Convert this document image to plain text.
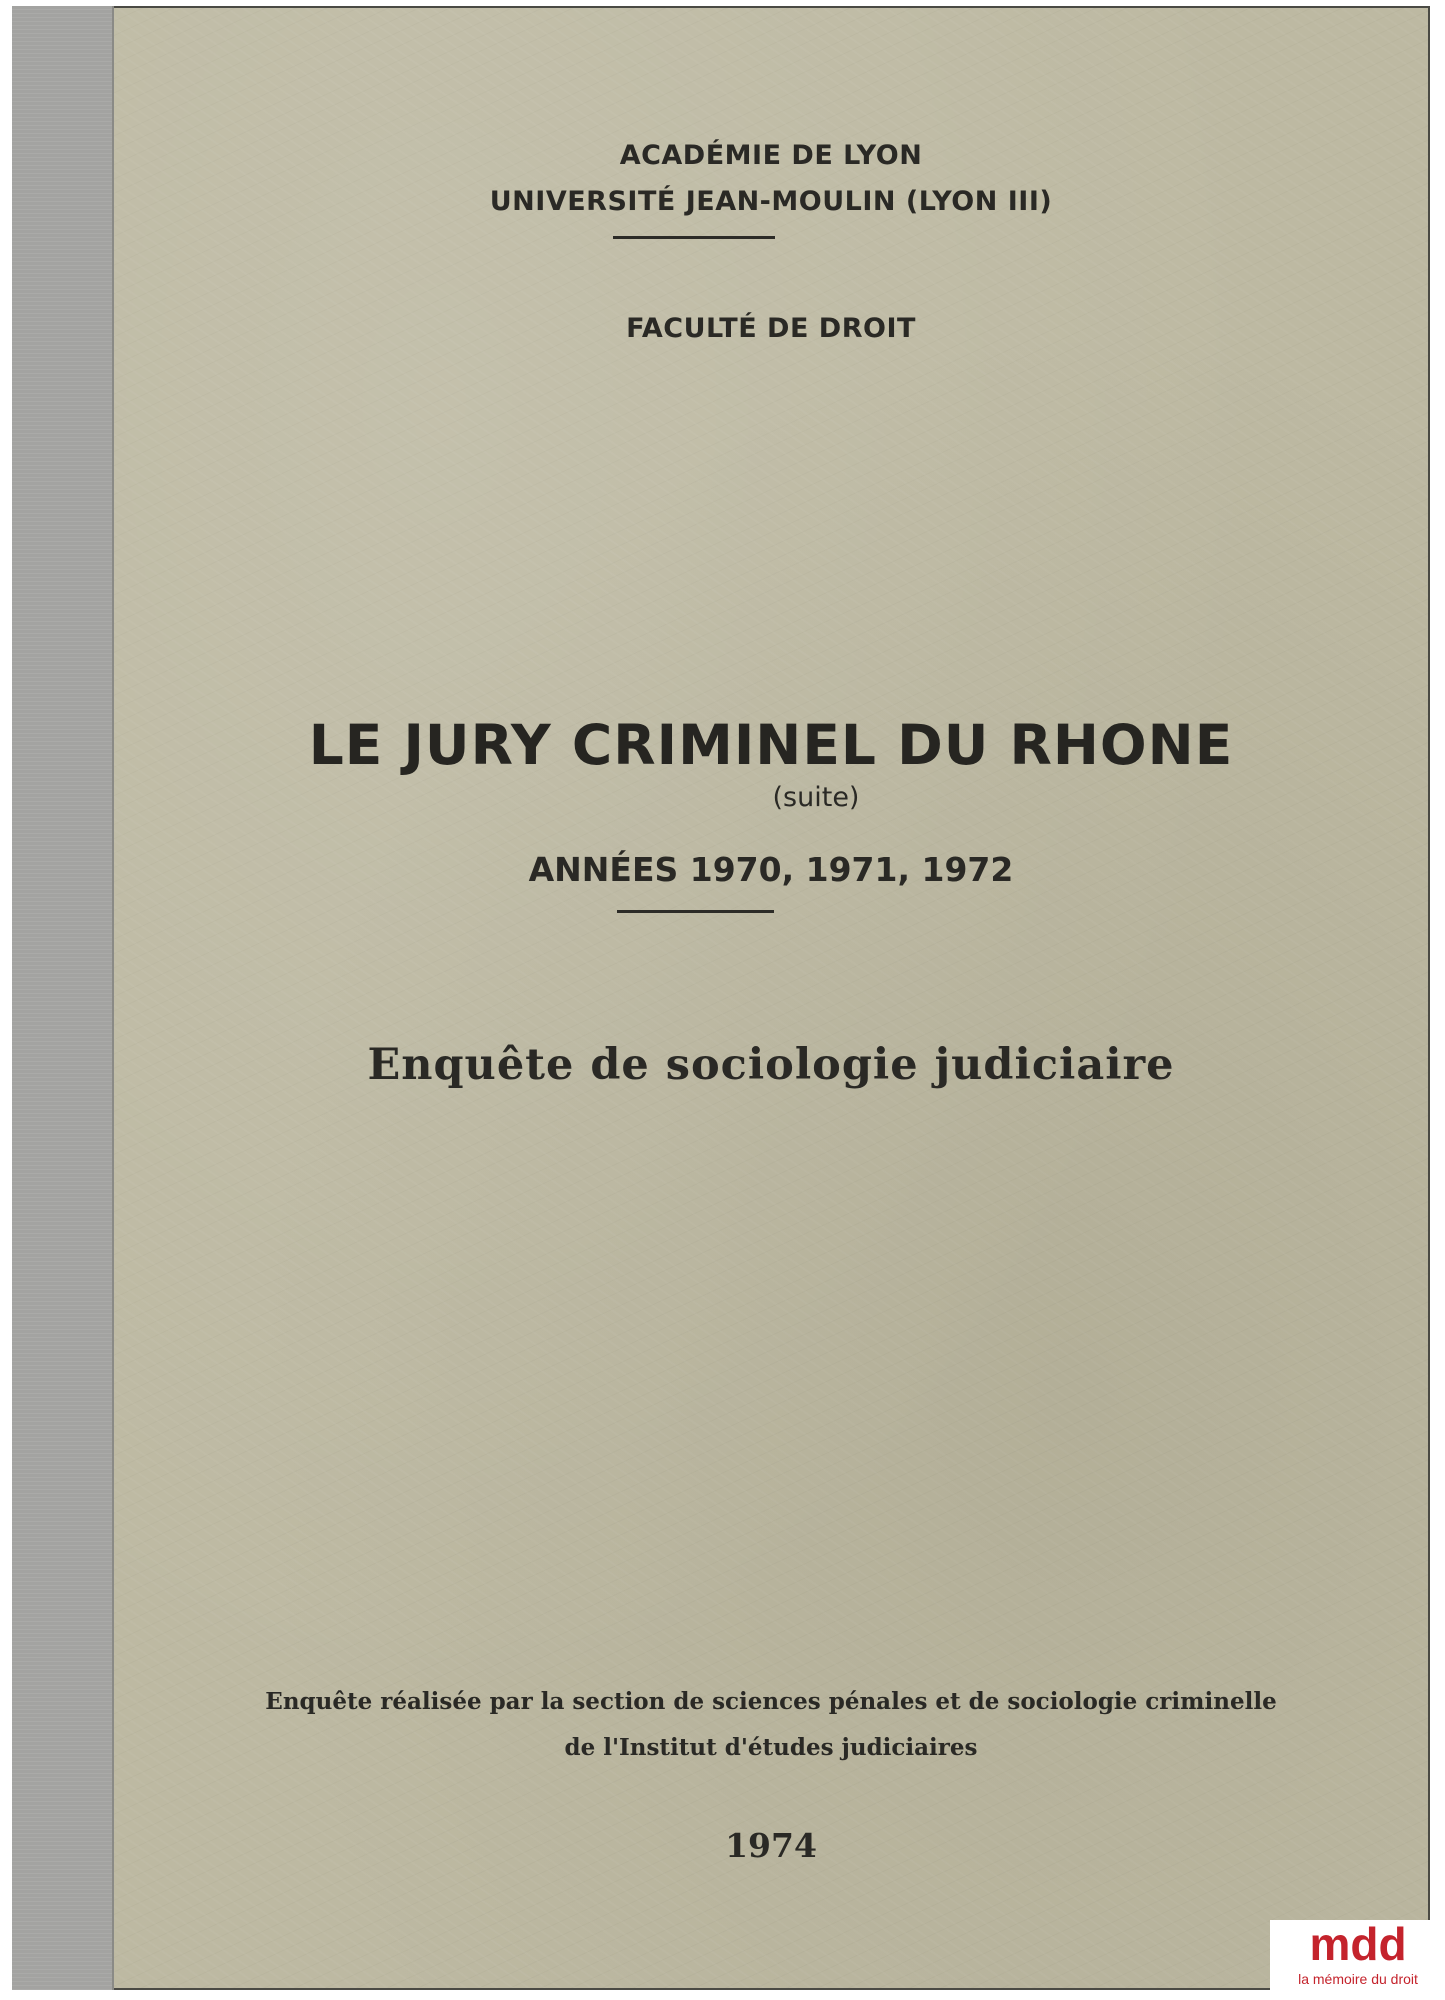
ACADÉMIE DE LYON
UNIVERSITÉ JEAN-MOULIN (LYON III)
FACULTÉ DE DROIT
LE JURY CRIMINEL DU RHONE
(suite)
ANNÉES 1970, 1971, 1972
Enquête de sociologie judiciaire
Enquête réalisée par la section de sciences pénales et de sociologie criminelle
de l'Institut d'études judiciaires
1974
mdd
la mémoire du droit
